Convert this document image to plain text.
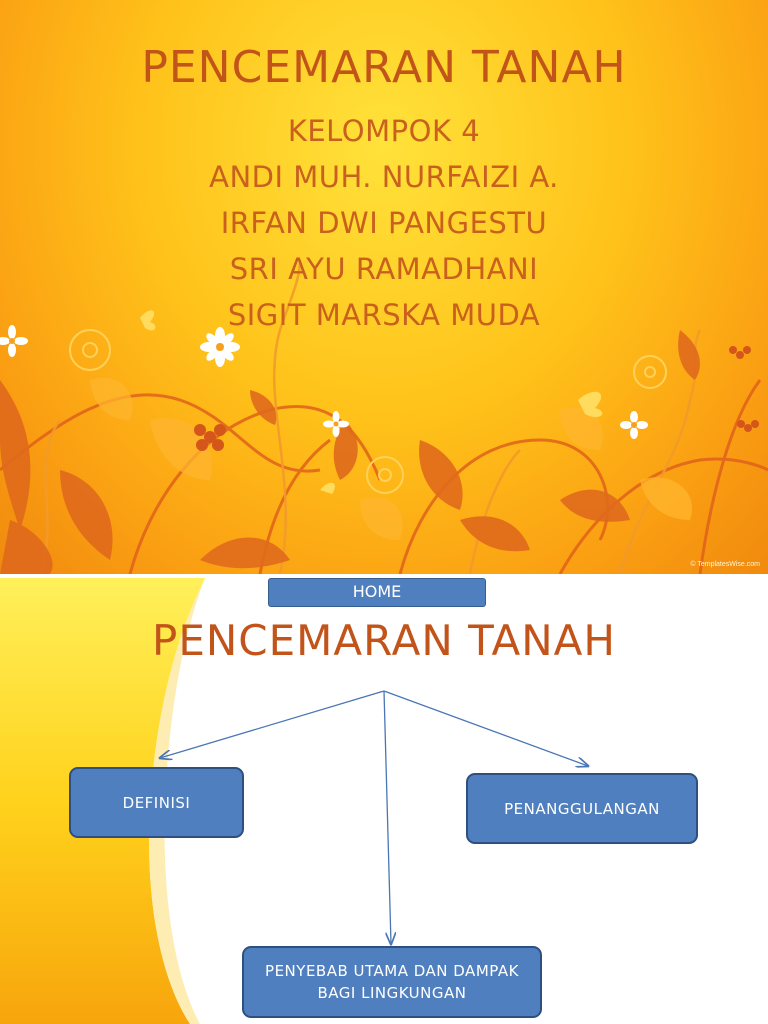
PENCEMARAN TANAH
KELOMPOK 4
ANDI MUH. NURFAIZI A.
IRFAN DWI PANGESTU
SRI AYU RAMADHANI
SIGIT MARSKA MUDA
© TemplatesWise.com
HOME
PENCEMARAN TANAH
DEFINISI	PENANGGULANGAN
PENYEBAB UTAMA DAN DAMPAK
BAGI LINGKUNGAN
